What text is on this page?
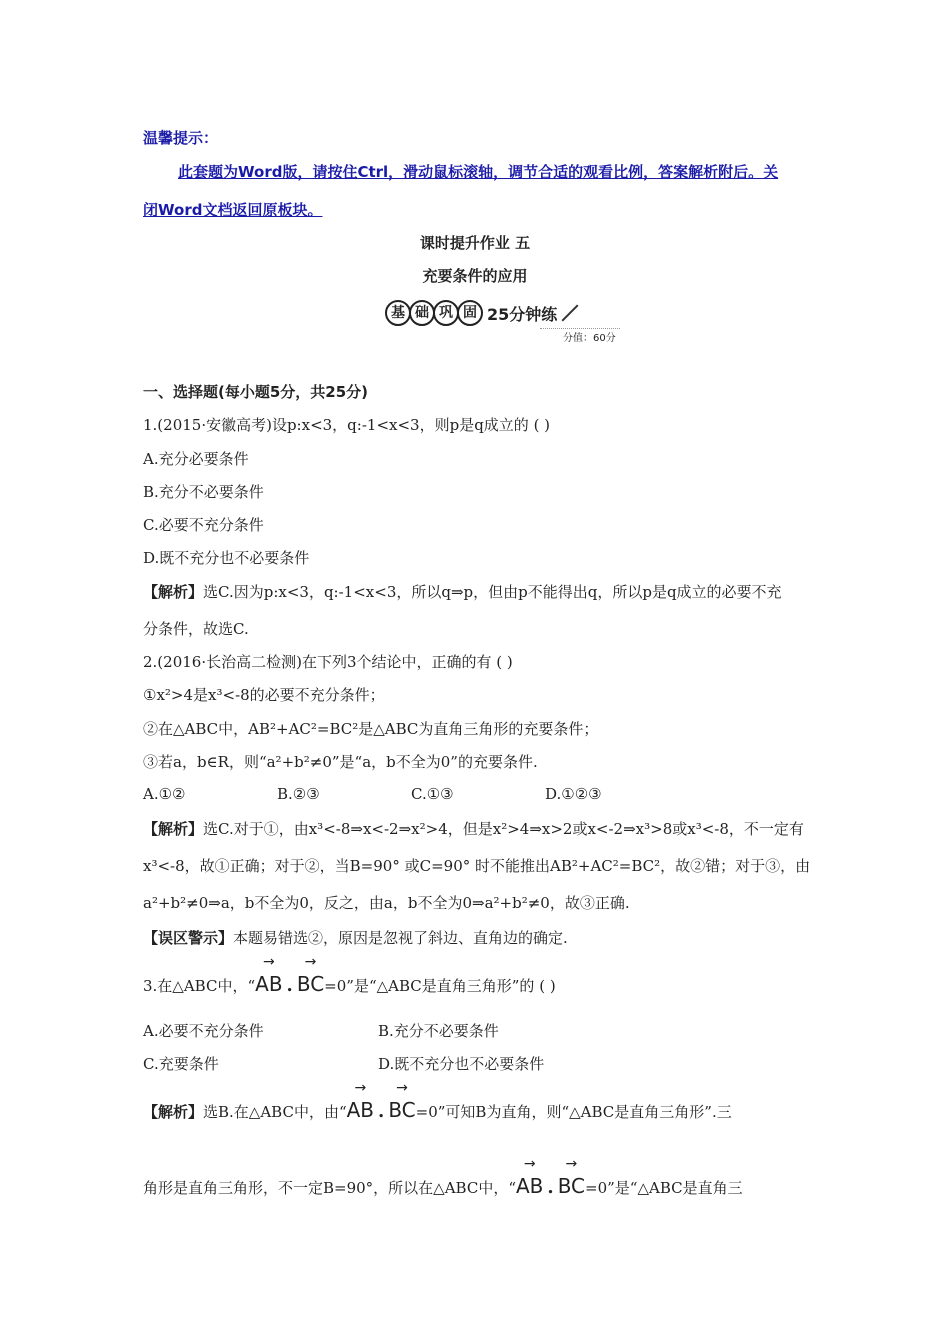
温馨提示：
此套题为Word版，请按住Ctrl，滑动鼠标滚轴，调节合适的观看比例，答案解析附后。关
闭Word文档返回原板块。
课时提升作业 五
充要条件的应用
基 础 巩 固 25分钟练
分值：60分
一、选择题(每小题5分，共25分)
1.(2015·安徽高考)设p:x<3，q:-1<x<3，则p是q成立的 ( )
A.充分必要条件
B.充分不必要条件
C.必要不充分条件
D.既不充分也不必要条件
【解析】选C.因为p:x<3，q:-1<x<3，所以q⇒p，但由p不能得出q，所以p是q成立的必要不充
分条件，故选C.
2.(2016·长治高二检测)在下列3个结论中，正确的有 ( )
①x²>4是x³<-8的必要不充分条件；
②在△ABC中，AB²+AC²=BC²是△ABC为直角三角形的充要条件；
③若a，b∈R，则“a²+b²≠0”是“a，b不全为0”的充要条件.
A.①②	B.②③	C.①③	D.①②③
【解析】选C.对于①，由x³<-8⇒x<-2⇒x²>4，但是x²>4⇒x>2或x<-2⇒x³>8或x³<-8，不一定有
x³<-8，故①正确；对于②，当B=90° 或C=90° 时不能推出AB²+AC²=BC²，故②错；对于③，由
a²+b²≠0⇒a，b不全为0，反之，由a，b不全为0⇒a²+b²≠0，故③正确.
【误区警示】本题易错选②，原因是忽视了斜边、直角边的确定.
3.在△ABC中，“
→
AB .
→
BC=0”是“△ABC是直角三角形”的 ( )
A.必要不充分条件	B.充分不必要条件
C.充要条件	D.既不充分也不必要条件
【解析】选B.在△ABC中，由“
→
AB .
→
BC=0”可知B为直角，则“△ABC是直角三角形”.三
角形是直角三角形，不一定B=90°，所以在△ABC中，“
→
AB .
→
BC=0”是“△ABC是直角三
